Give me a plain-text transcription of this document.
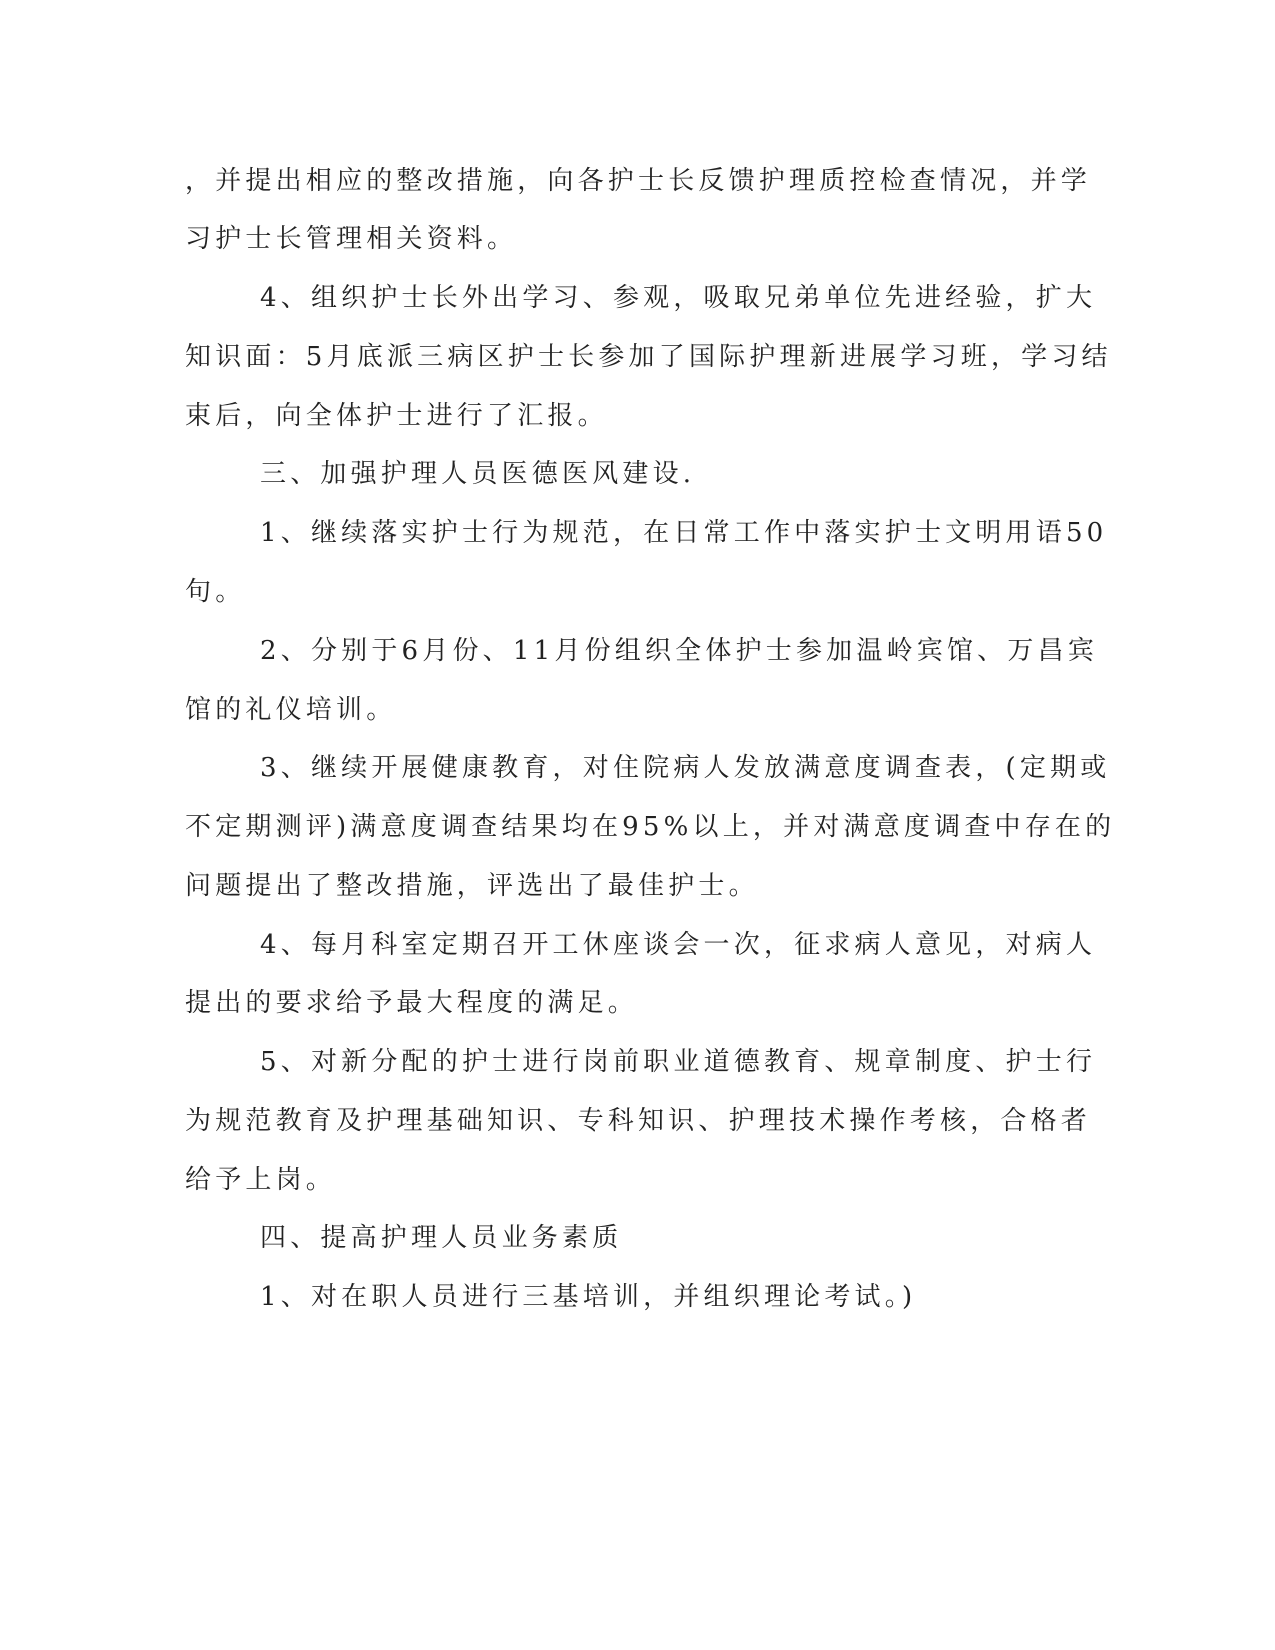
，并提出相应的整改措施，向各护士长反馈护理质控检查情况，并学
习护士长管理相关资料。
4、组织护士长外出学习、参观，吸取兄弟单位先进经验，扩大
知识面：5月底派三病区护士长参加了国际护理新进展学习班，学习结
束后，向全体护士进行了汇报。
三、加强护理人员医德医风建设.
1、继续落实护士行为规范，在日常工作中落实护士文明用语50
句。
2、分别于6月份、11月份组织全体护士参加温岭宾馆、万昌宾
馆的礼仪培训。
3、继续开展健康教育，对住院病人发放满意度调查表，(定期或
不定期测评)满意度调查结果均在95%以上，并对满意度调查中存在的
问题提出了整改措施，评选出了最佳护士。
4、每月科室定期召开工休座谈会一次，征求病人意见，对病人
提出的要求给予最大程度的满足。
5、对新分配的护士进行岗前职业道德教育、规章制度、护士行
为规范教育及护理基础知识、专科知识、护理技术操作考核，合格者
给予上岗。
四、提高护理人员业务素质
1、对在职人员进行三基培训，并组织理论考试。)
